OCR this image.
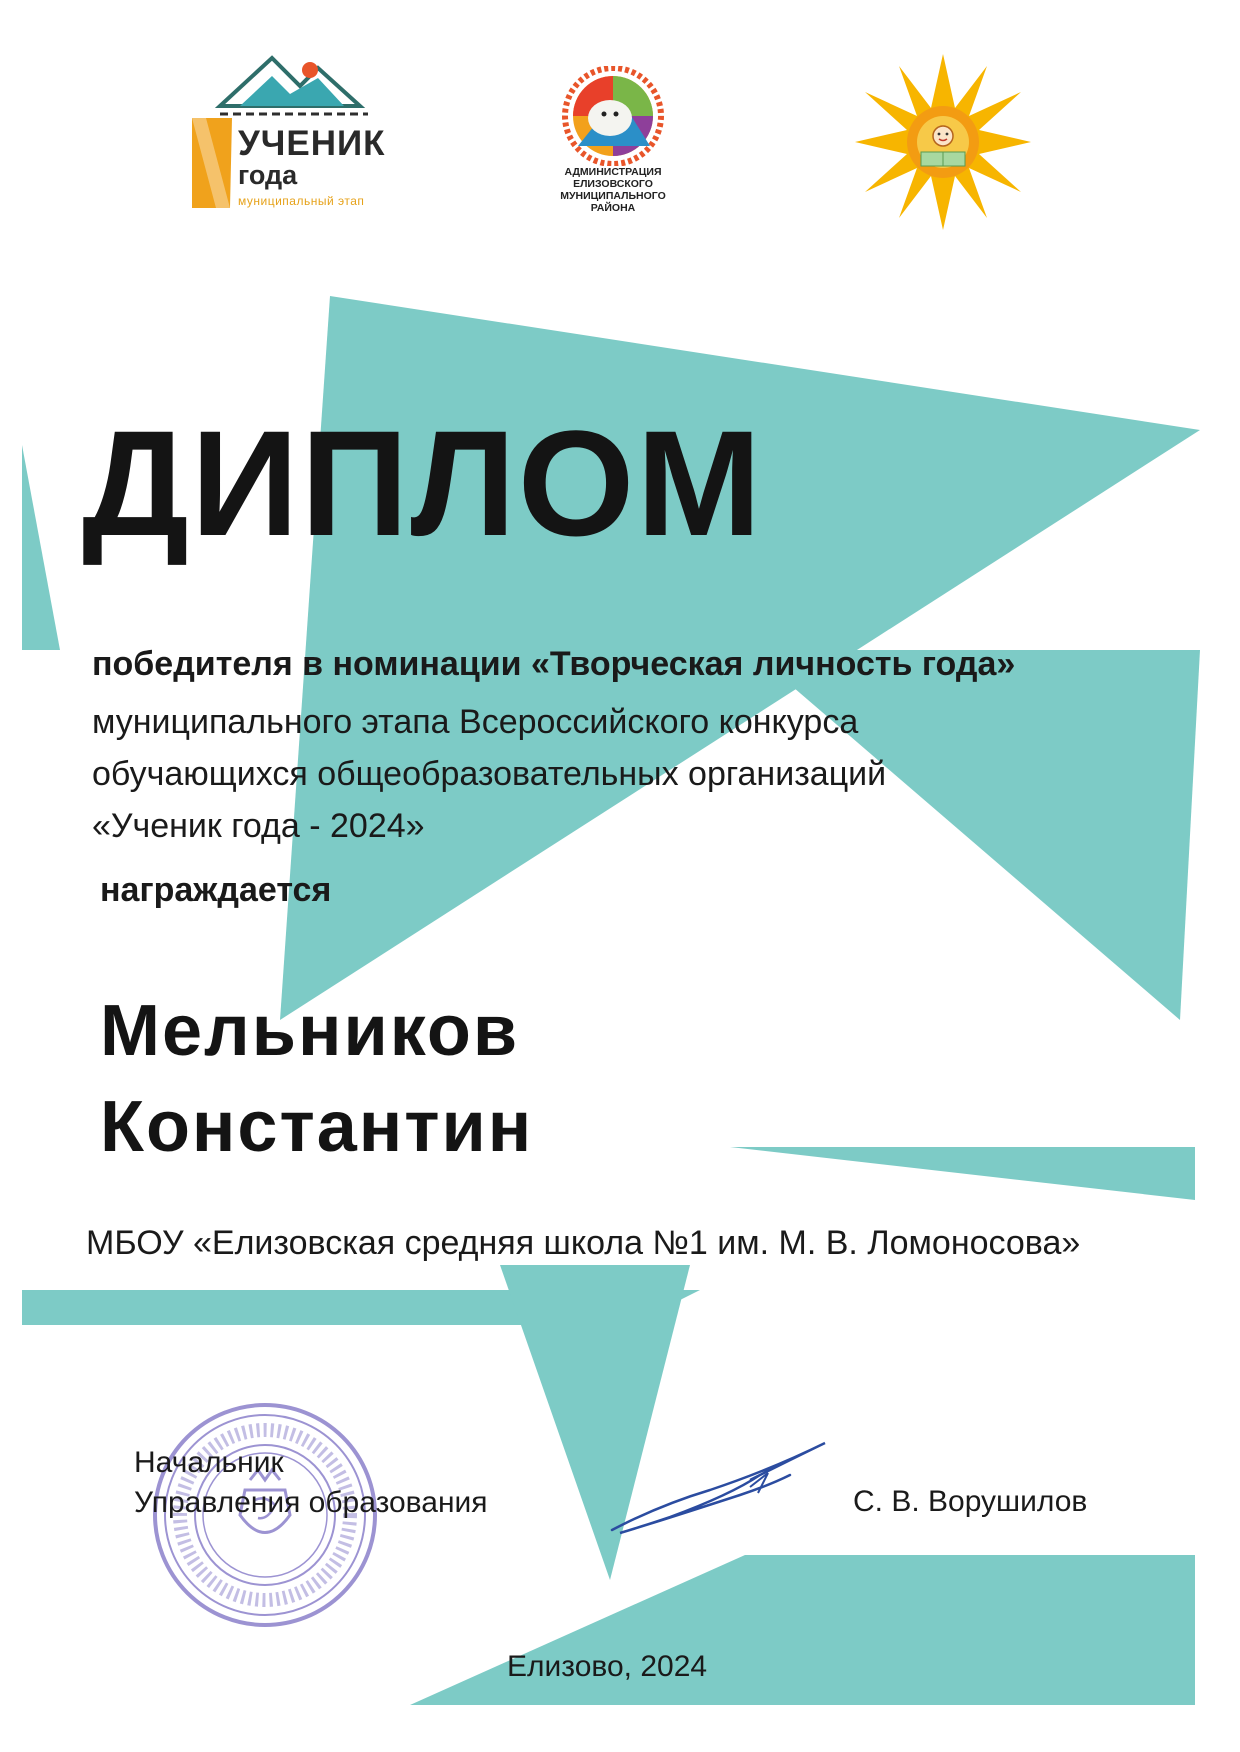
УЧЕНИК
года
муниципальный этап
АДМИНИСТРАЦИЯ
ЕЛИЗОВСКОГО
МУНИЦИПАЛЬНОГО
РАЙОНА
ДИПЛОМ
победителя в номинации «Творческая личность года»
муниципального этапа Всероссийского конкурса
обучающихся общеобразовательных организаций
«Ученик года - 2024»
награждается
Мельников
Константин
МБОУ «Елизовская средняя школа №1 им. М. В. Ломоносова»
Начальник
Управления образования	С. В. Ворушилов
Елизово, 2024
